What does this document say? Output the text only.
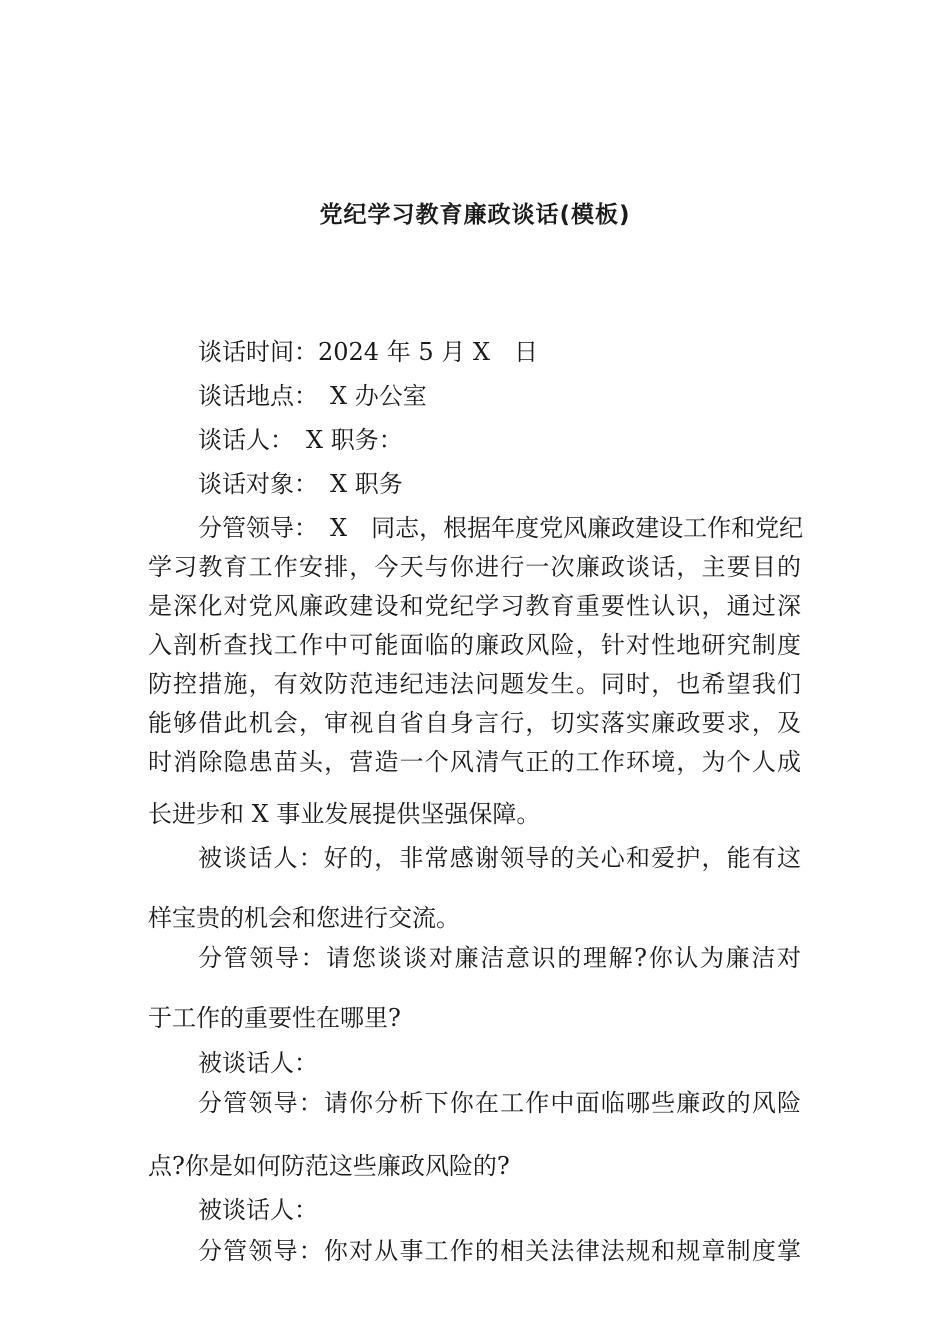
党纪学习教育廉政谈话(模板)
谈话时间：2024 年 5 月 X　日
谈话地点：　X 办公室
谈话人：　X 职务：
谈话对象：　X 职务
分管领导：　X　同志，根据年度党风廉政建设工作和党纪
学习教育工作安排，今天与你进行一次廉政谈话，主要目的
是深化对党风廉政建设和党纪学习教育重要性认识，通过深
入剖析查找工作中可能面临的廉政风险，针对性地研究制度
防控措施，有效防范违纪违法问题发生。同时，也希望我们
能够借此机会，审视自省自身言行，切实落实廉政要求，及
时消除隐患苗头，营造一个风清气正的工作环境，为个人成
长进步和 X 事业发展提供坚强保障。
被谈话人：好的，非常感谢领导的关心和爱护，能有这
样宝贵的机会和您进行交流。
分管领导：请您谈谈对廉洁意识的理解?你认为廉洁对
于工作的重要性在哪里?
被谈话人：
分管领导：请你分析下你在工作中面临哪些廉政的风险
点?你是如何防范这些廉政风险的?
被谈话人：
分管领导：你对从事工作的相关法律法规和规章制度掌
